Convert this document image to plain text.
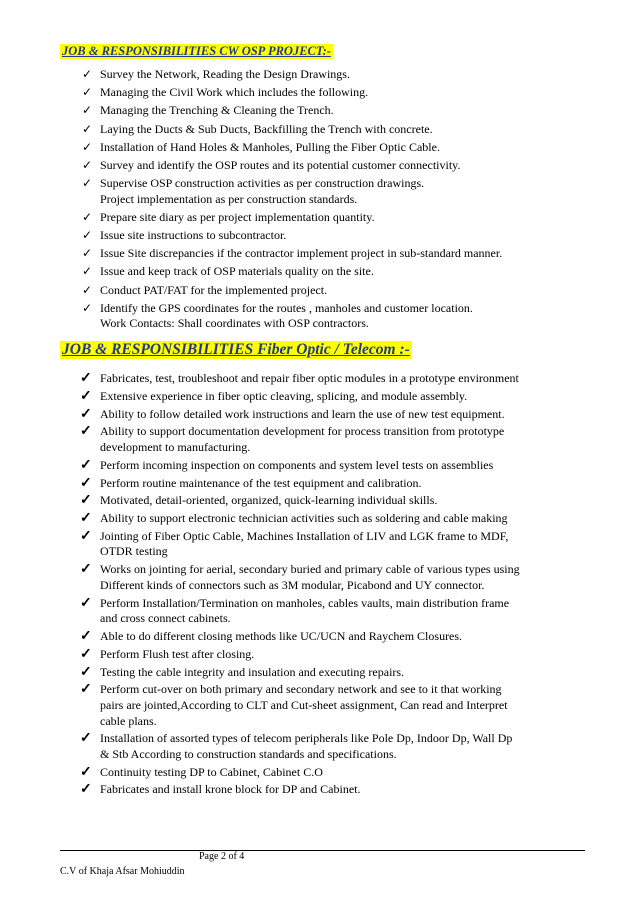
JOB & RESPONSIBILITIES CW OSP PROJECT:-
✓ Survey the Network, Reading the Design Drawings.
✓ Managing the Civil Work which includes the following.
✓ Managing the Trenching & Cleaning the Trench.
✓ Laying the Ducts & Sub Ducts, Backfilling the Trench with concrete.
✓ Installation of Hand Holes & Manholes, Pulling the Fiber Optic Cable.
✓ Survey and identify the OSP routes and its potential customer connectivity.
✓ Supervise OSP construction activities as per construction drawings.
Project implementation as per construction standards.
✓ Prepare site diary as per project implementation quantity.
✓ Issue site instructions to subcontractor.
✓ Issue Site discrepancies if the contractor implement project in sub-standard manner.
✓ Issue and keep track of OSP materials quality on the site.
✓ Conduct PAT/FAT for the implemented project.
✓ Identify the GPS coordinates for the routes , manholes and customer location.
Work Contacts: Shall coordinates with OSP contractors.
JOB & RESPONSIBILITIES Fiber Optic / Telecom :-
✓ Fabricates, test, troubleshoot and repair fiber optic modules in a prototype environment
✓ Extensive experience in fiber optic cleaving, splicing, and module assembly.
✓ Ability to follow detailed work instructions and learn the use of new test equipment.
✓ Ability to support documentation development for process transition from prototype
development to manufacturing.
✓ Perform incoming inspection on components and system level tests on assemblies
✓ Perform routine maintenance of the test equipment and calibration.
✓ Motivated, detail-oriented, organized, quick-learning individual skills.
✓ Ability to support electronic technician activities such as soldering and cable making
✓ Jointing of Fiber Optic Cable, Machines Installation of LIV and LGK frame to MDF,
OTDR testing
✓ Works on jointing for aerial, secondary buried and primary cable of various types using
Different kinds of connectors such as 3M modular, Picabond and UY connector.
✓ Perform Installation/Termination on manholes, cables vaults, main distribution frame
and cross connect cabinets.
✓ Able to do different closing methods like UC/UCN and Raychem Closures.
✓ Perform Flush test after closing.
✓ Testing the cable integrity and insulation and executing repairs.
✓ Perform cut-over on both primary and secondary network and see to it that working
pairs are jointed,According to CLT and Cut-sheet assignment, Can read and Interpret
cable plans.
✓ Installation of assorted types of telecom peripherals like Pole Dp, Indoor Dp, Wall Dp
& Stb According to construction standards and specifications.
✓ Continuity testing DP to Cabinet, Cabinet C.O
✓ Fabricates and install krone block for DP and Cabinet.
Page 2 of 4
C.V of Khaja Afsar Mohiuddin
